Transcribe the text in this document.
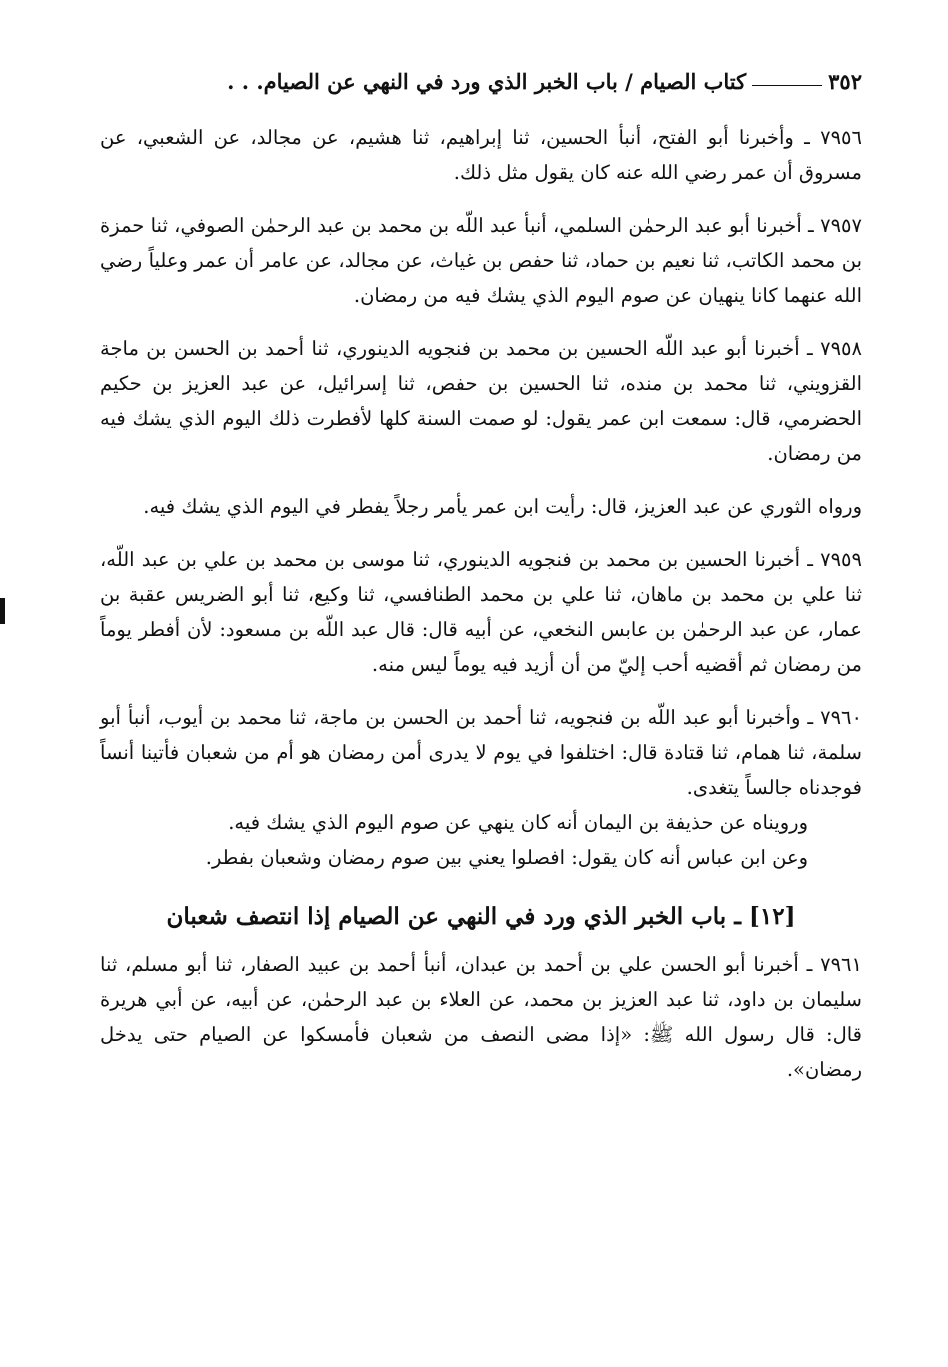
٣٥٢
كتاب الصيام / باب الخبر الذي ورد في النهي عن الصيام. . .

٧٩٥٦ ـ وأخبرنا أبو الفتح، أنبأ الحسين، ثنا إبراهيم، ثنا هشيم، عن مجالد، عن الشعبي، عن مسروق أن عمر رضي الله عنه كان يقول مثل ذلك.

٧٩٥٧ ـ أخبرنا أبو عبد الرحمٰن السلمي، أنبأ عبد اللّه بن محمد بن عبد الرحمٰن الصوفي، ثنا حمزة بن محمد الكاتب، ثنا نعيم بن حماد، ثنا حفص بن غياث، عن مجالد، عن عامر أن عمر وعلياً رضي الله عنهما كانا ينهيان عن صوم اليوم الذي يشك فيه من رمضان.

٧٩٥٨ ـ أخبرنا أبو عبد اللّه الحسين بن محمد بن فنجويه الدينوري، ثنا أحمد بن الحسن بن ماجة القزويني، ثنا محمد بن منده، ثنا الحسين بن حفص، ثنا إسرائيل، عن عبد العزيز بن حكيم الحضرمي، قال: سمعت ابن عمر يقول: لو صمت السنة كلها لأفطرت ذلك اليوم الذي يشك فيه من رمضان.

ورواه الثوري عن عبد العزيز، قال: رأيت ابن عمر يأمر رجلاً يفطر في اليوم الذي يشك فيه.

٧٩٥٩ ـ أخبرنا الحسين بن محمد بن فنجويه الدينوري، ثنا موسى بن محمد بن علي بن عبد اللّه، ثنا علي بن محمد بن ماهان، ثنا علي بن محمد الطنافسي، ثنا وكيع، ثنا أبو الضريس عقبة بن عمار، عن عبد الرحمٰن بن عابس النخعي، عن أبيه قال: قال عبد اللّه بن مسعود: لأن أفطر يوماً من رمضان ثم أقضيه أحب إليّ من أن أزيد فيه يوماً ليس منه.

٧٩٦٠ ـ وأخبرنا أبو عبد اللّه بن فنجويه، ثنا أحمد بن الحسن بن ماجة، ثنا محمد بن أيوب، أنبأ أبو سلمة، ثنا همام، ثنا قتادة قال: اختلفوا في يوم لا يدرى أمن رمضان هو أم من شعبان فأتينا أنساً فوجدناه جالساً يتغدى.

ورويناه عن حذيفة بن اليمان أنه كان ينهي عن صوم اليوم الذي يشك فيه.

وعن ابن عباس أنه كان يقول: افصلوا يعني بين صوم رمضان وشعبان بفطر.

[١٢] ـ باب الخبر الذي ورد في النهي عن الصيام إذا انتصف شعبان

٧٩٦١ ـ أخبرنا أبو الحسن علي بن أحمد بن عبدان، أنبأ أحمد بن عبيد الصفار، ثنا أبو مسلم، ثنا سليمان بن داود، ثنا عبد العزيز بن محمد، عن العلاء بن عبد الرحمٰن، عن أبيه، عن أبي هريرة قال: قال رسول الله ﷺ: «إذا مضى النصف من شعبان فأمسكوا عن الصيام حتى يدخل رمضان».
